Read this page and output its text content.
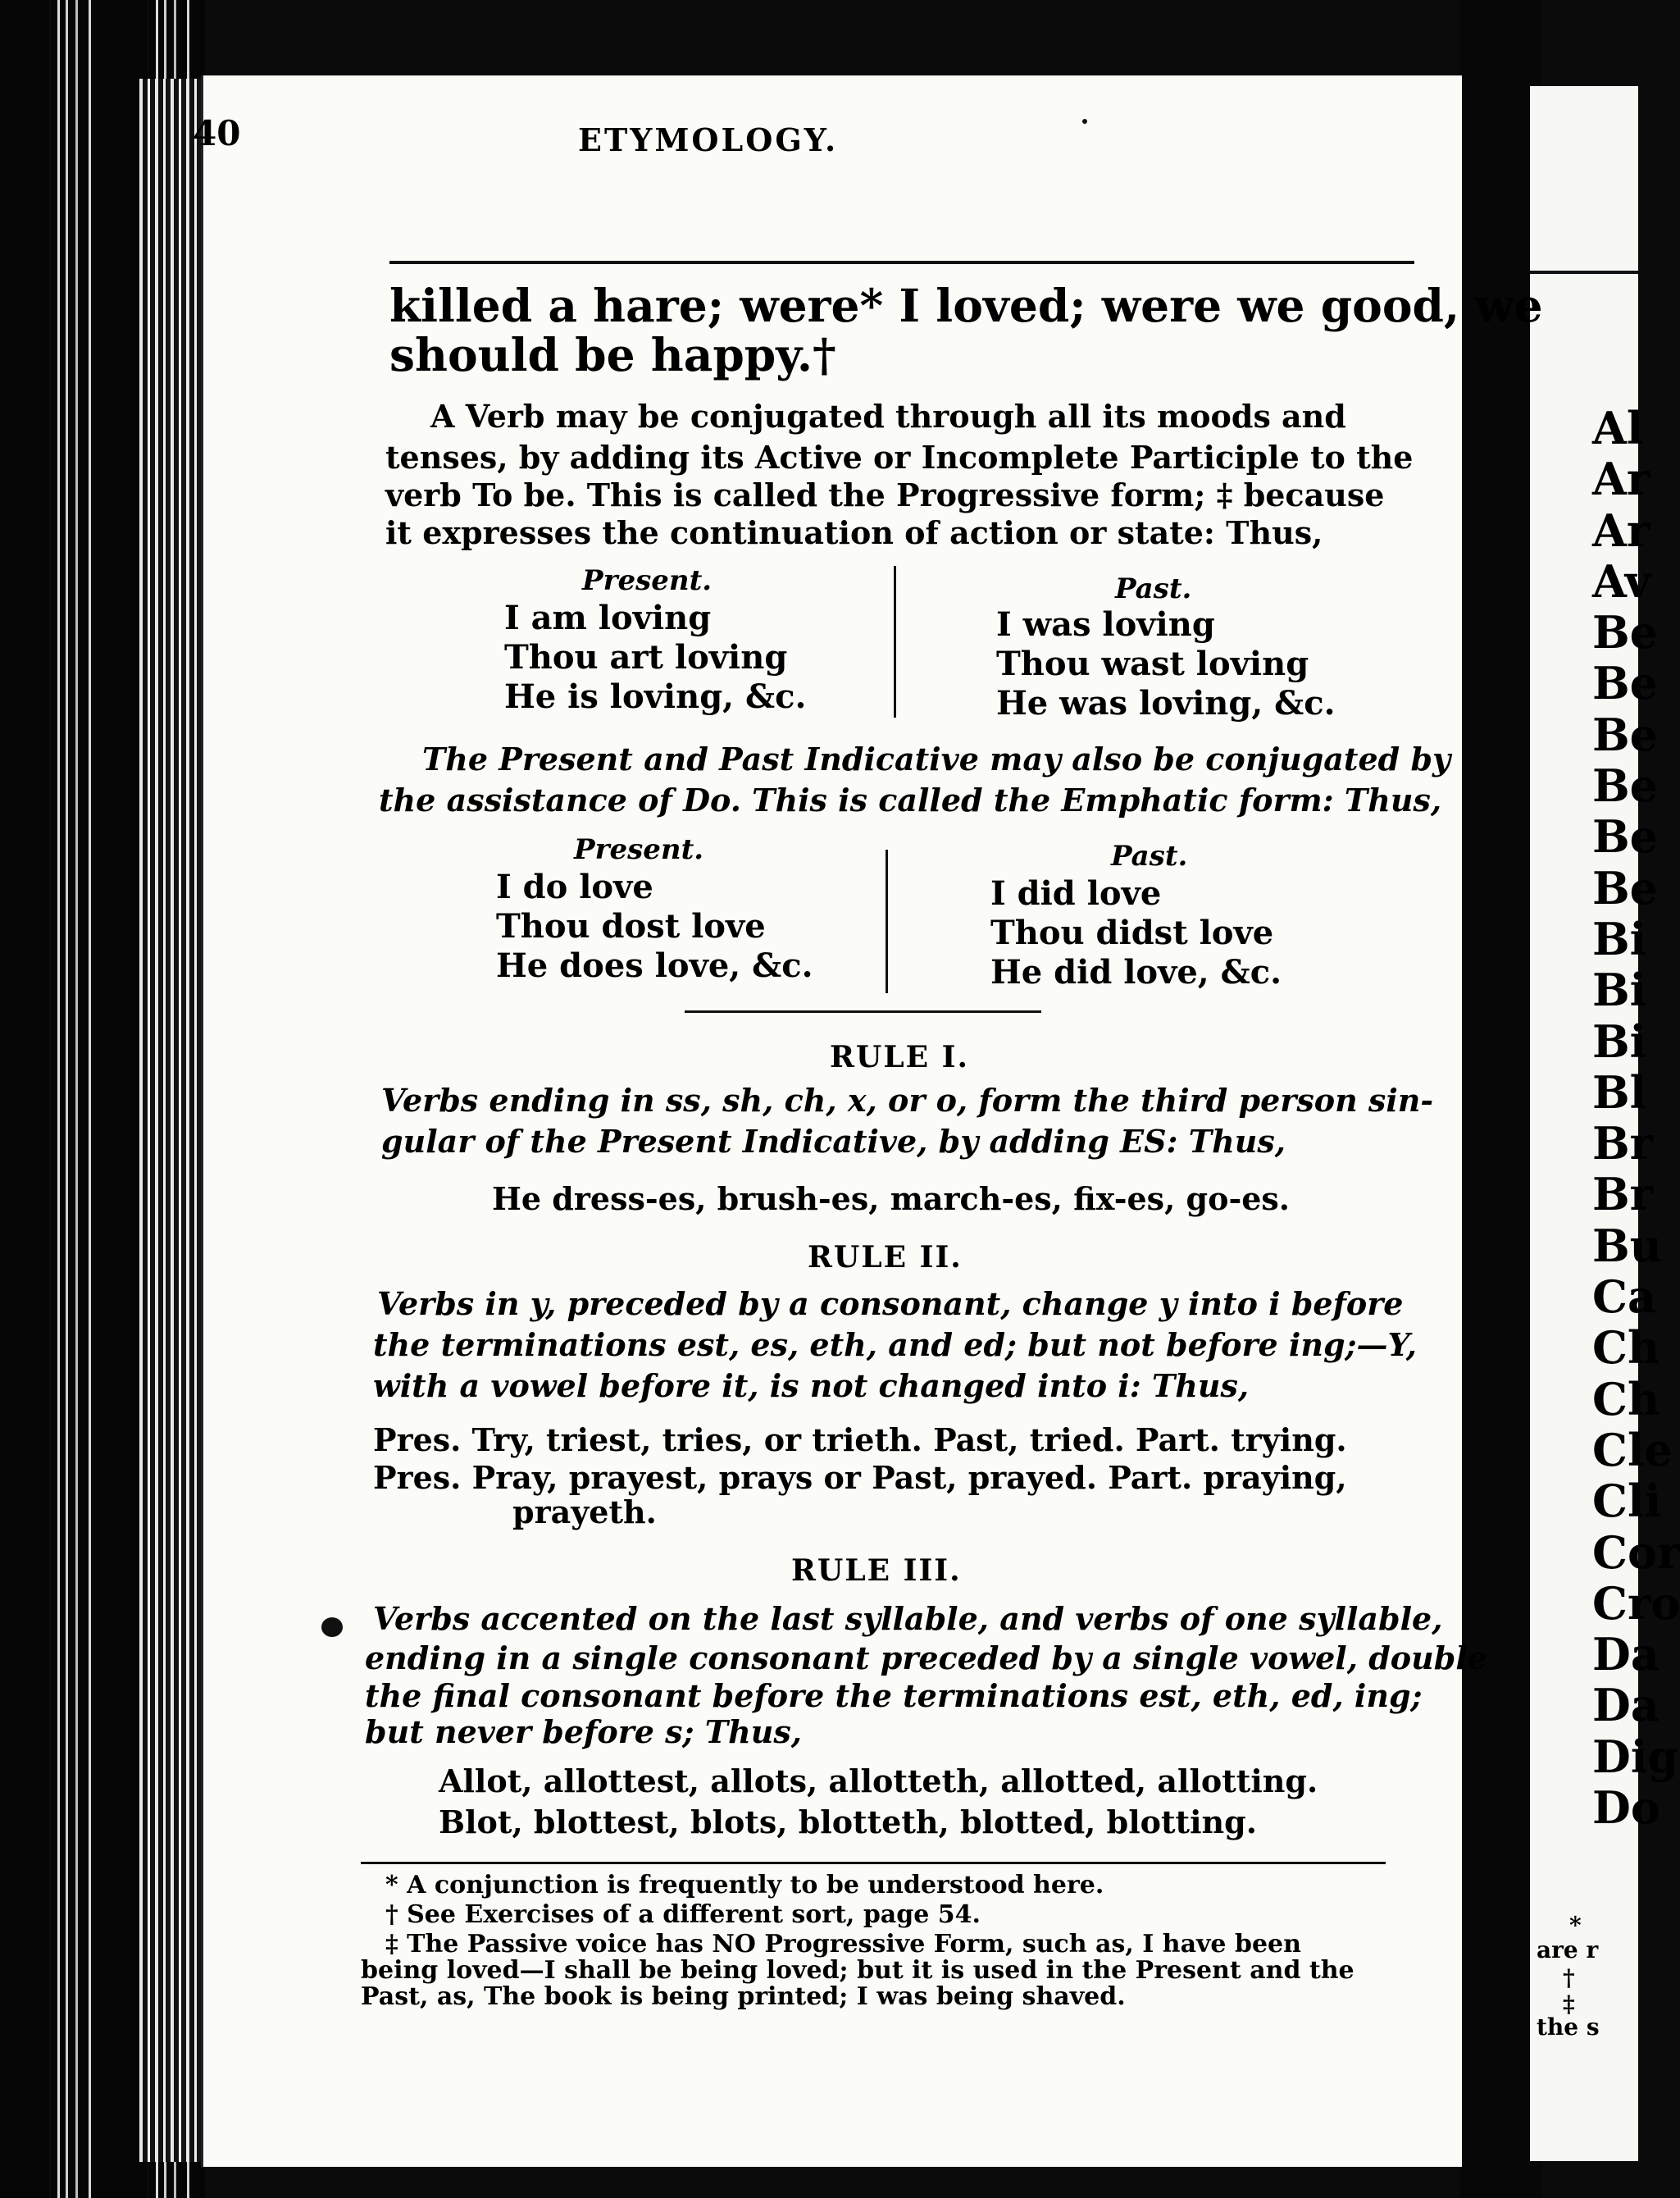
Al
Ar
Ar
Av
Be
Be
Be
Be
Be
Be
Bi
Bi
Bi
Bl
Br
Br
Bu
Ca
Ch
Ch
Cle
Cli
Cor
Cro
Da
Da
Dig
Do
*
are r
†
‡
the s
40	ETYMOLOGY.
killed a hare; were* I loved; were we good, we
should be happy.†
A Verb may be conjugated through all its moods and
tenses, by adding its Active or Incomplete Participle to the
verb To be. This is called the Progressive form; ‡ because
it expresses the continuation of action or state: Thus,
Present.
I am loving
Thou art loving
He is loving, &c.
Past.
I was loving
Thou wast loving
He was loving, &c.
The Present and Past Indicative may also be conjugated by
the assistance of Do. This is called the Emphatic form: Thus,
Present.
I do love
Thou dost love
He does love, &c.
Past.
I did love
Thou didst love
He did love, &c.
RULE I.
Verbs ending in ss, sh, ch, x, or o, form the third person sin-
gular of the Present Indicative, by adding ES: Thus,
He dress-es, brush-es, march-es, fix-es, go-es.
RULE II.
Verbs in y, preceded by a consonant, change y into i before
the terminations est, es, eth, and ed; but not before ing;—Y,
with a vowel before it, is not changed into i: Thus,
Pres. Try, triest, tries, or trieth. Past, tried. Part. trying.
Pres. Pray, prayest, prays or Past, prayed. Part. praying,
prayeth.
RULE III.
Verbs accented on the last syllable, and verbs of one syllable,
ending in a single consonant preceded by a single vowel, double
the final consonant before the terminations est, eth, ed, ing;
but never before s; Thus,
Allot, allottest, allots, allotteth, allotted, allotting.
Blot, blottest, blots, blotteth, blotted, blotting.
* A conjunction is frequently to be understood here.
† See Exercises of a different sort, page 54.
‡ The Passive voice has NO Progressive Form, such as, I have been
being loved—I shall be being loved; but it is used in the Present and the
Past, as, The book is being printed; I was being shaved.
